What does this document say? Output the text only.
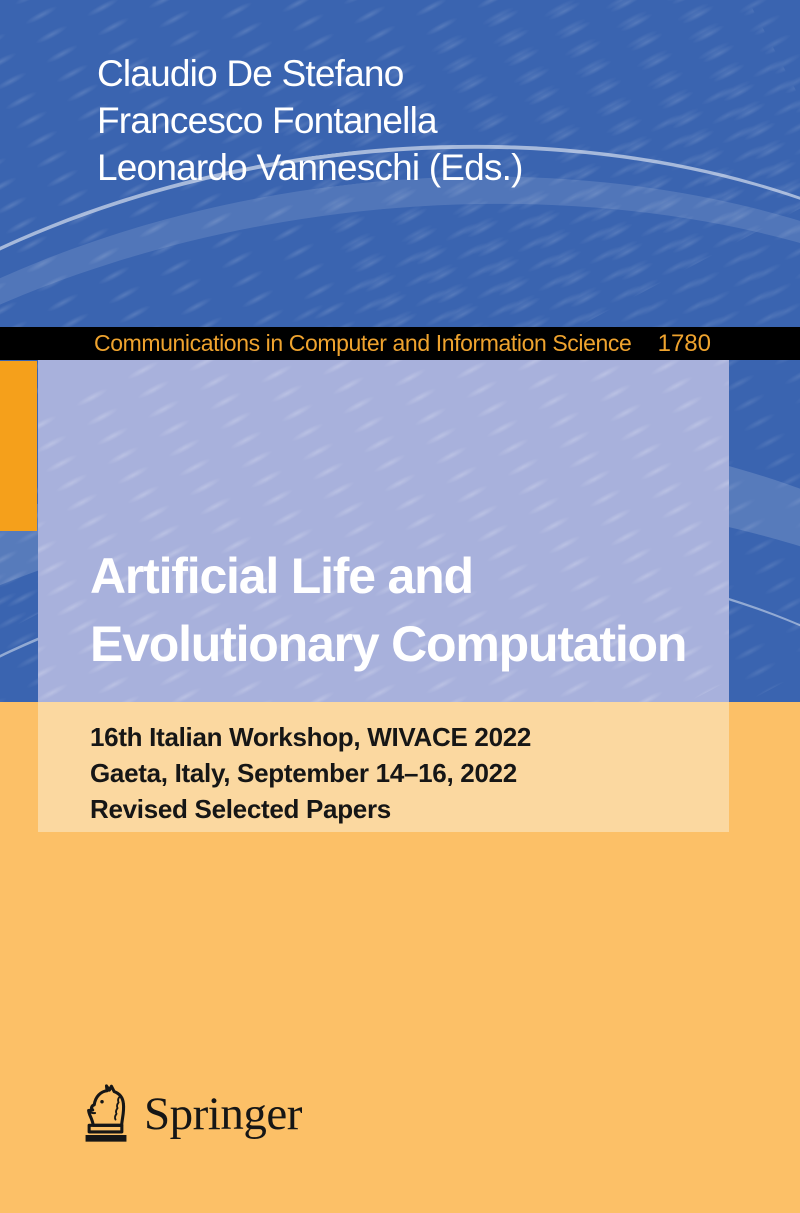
Claudio De Stefano
Francesco Fontanella
Leonardo Vanneschi (Eds.)
Communications in Computer and Information Science 1780
Artificial Life and
Evolutionary Computation
16th Italian Workshop, WIVACE 2022
Gaeta, Italy, September 14–16, 2022
Revised Selected Papers
Springer
